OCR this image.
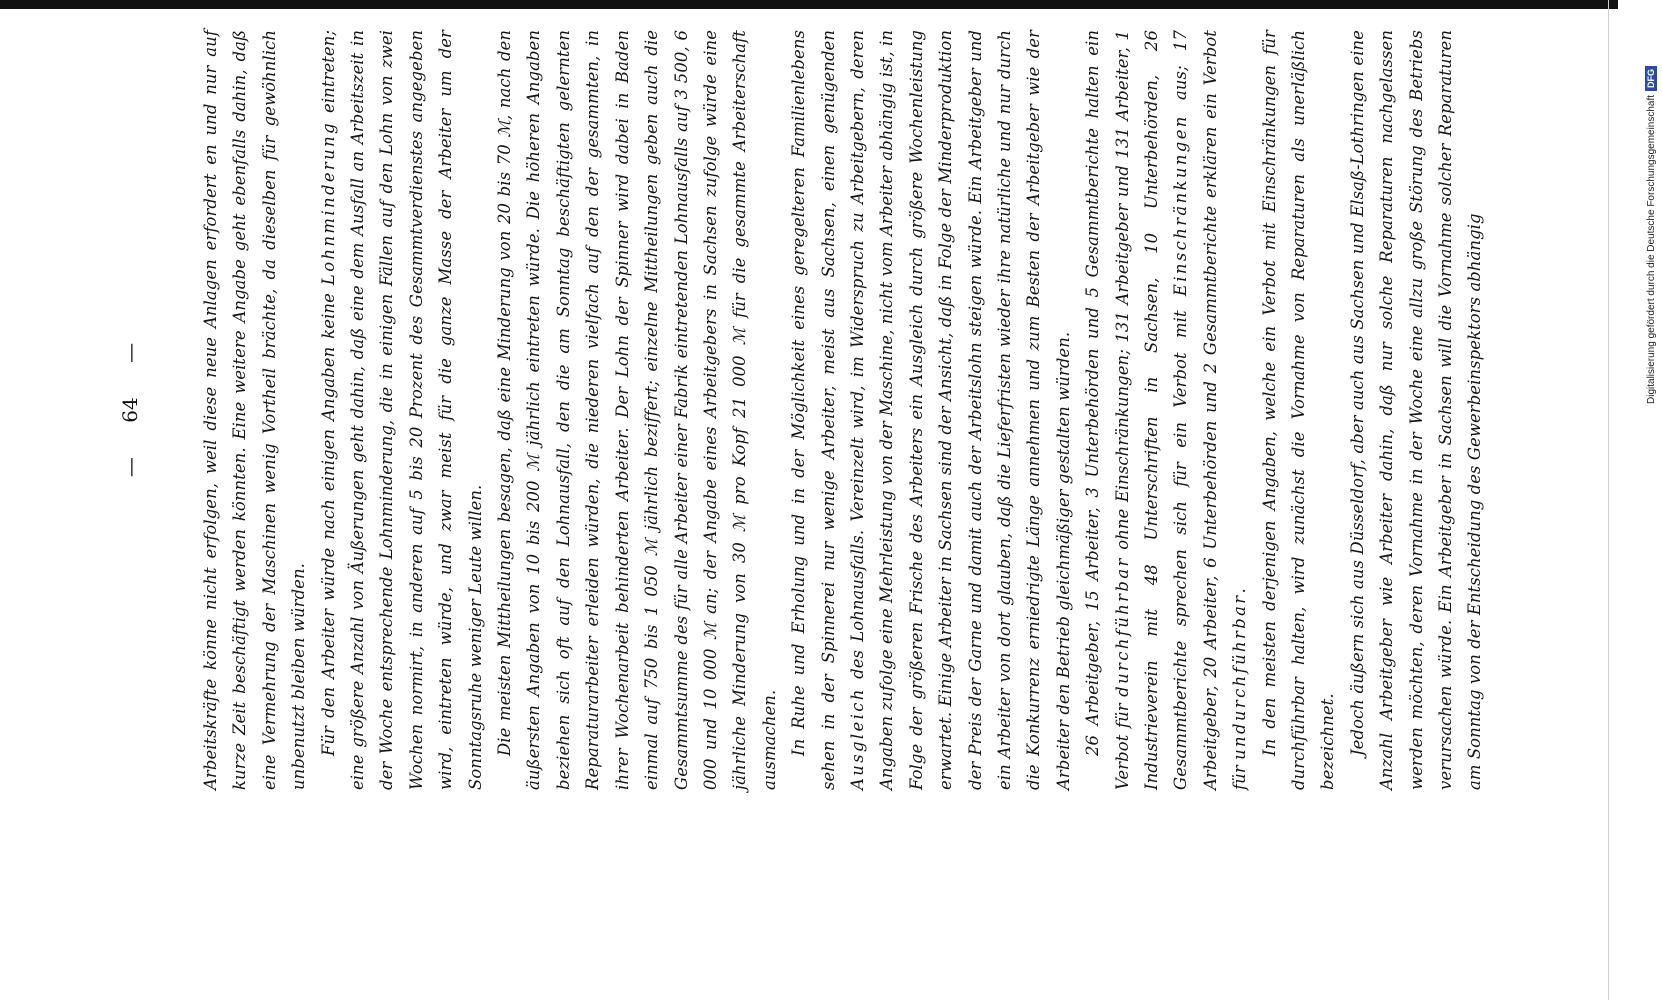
— 64 —	Arbeitskräfte könne nicht erfolgen, weil diese neue Anlagen erfordert en und nur auf kurze Zeit beschäftigt werden könnten. Eine weitere Angabe geht ebenfalls dahin, daß eine Vermehrung der Maschinen wenig Vortheil brächte, da dieselben für gewöhnlich unbenutzt bleiben würden. Für den Arbeiter würde nach einigen Angaben keine Lohnminderung eintreten; eine größere Anzahl von Äußerungen geht dahin, daß eine dem Ausfall an Arbeitszeit in der Woche entsprechende Lohnminderung, die in einigen Fällen auf den Lohn von zwei Wochen normirt, in anderen auf 5 bis 20 Prozent des Gesammtverdienstes angegeben wird, eintreten würde, und zwar meist für die ganze Masse der Arbeiter um der Sonntagsruhe weniger Leute willen. Die meisten Mittheilungen besagen, daß eine Minderung von 20 bis 70 ℳ, nach den äußersten Angaben von 10 bis 200 ℳ jährlich eintreten würde. Die höheren Angaben beziehen sich oft auf den Lohnausfall, den die am Sonntag beschäftigten gelernten Reparaturarbeiter erleiden würden, die niederen vielfach auf den der gesammten, in ihrer Wochenarbeit behinderten Arbeiter. Der Lohn der Spinner wird dabei in Baden einmal auf 750 bis 1 050 ℳ jährlich beziffert; einzelne Mittheilungen geben auch die Gesammtsumme des für alle Arbeiter einer Fabrik eintretenden Lohnausfalls auf 3 500, 6 000 und 10 000 ℳ an; der Angabe eines Arbeitgebers in Sachsen zufolge würde eine jährliche Minderung von 30 ℳ pro Kopf 21 000 ℳ für die gesammte Arbeiterschaft ausmachen. In Ruhe und Erholung und in der Möglichkeit eines geregelteren Familienlebens sehen in der Spinnerei nur wenige Arbeiter, meist aus Sachsen, einen genügenden Ausgleich des Lohnausfalls. Vereinzelt wird, im Widerspruch zu Arbeitgebern, deren Angaben zufolge eine Mehrleistung von der Maschine, nicht vom Arbeiter abhängig ist, in Folge der größeren Frische des Arbeiters ein Ausgleich durch größere Wochenleistung erwartet. Einige Arbeiter in Sachsen sind der Ansicht, daß in Folge der Minderproduktion der Preis der Garne und damit auch der Arbeitslohn steigen würde. Ein Arbeitgeber und ein Arbeiter von dort glauben, daß die Lieferfristen wieder ihre natürliche und nur durch die Konkurrenz erniedrigte Länge annehmen und zum Besten der Arbeitgeber wie der Arbeiter den Betrieb gleichmäßiger gestalten würden. 26 Arbeitgeber, 15 Arbeiter, 3 Unterbehörden und 5 Gesammtberichte halten ein Verbot für durchführbar ohne Einschränkungen; 131 Arbeitgeber und 131 Arbeiter, 1 Industrieverein mit 48 Unterschriften in Sachsen, 10 Unterbehörden, 26 Gesammtberichte sprechen sich für ein Verbot mit Einschränkungen aus; 17 Arbeitgeber, 20 Arbeiter, 6 Unterbehörden und 2 Gesammtberichte erklären ein Verbot für undurchführbar. In den meisten derjenigen Angaben, welche ein Verbot mit Einschränkungen für durchführbar halten, wird zunächst die Vornahme von Reparaturen als unerläßlich bezeichnet. Jedoch äußern sich aus Düsseldorf, aber auch aus Sachsen und Elsaß-Lothringen eine Anzahl Arbeitgeber wie Arbeiter dahin, daß nur solche Reparaturen nachgelassen werden möchten, deren Vornahme in der Woche eine allzu große Störung des Betriebs verursachen würde. Ein Arbeitgeber in Sachsen will die Vornahme solcher Reparaturen am Sonntag von der Entscheidung des Gewerbeinspektors abhängig	Digitalisierung gefördert durch die Deutsche Forschungsgemeinschaft
DFG
